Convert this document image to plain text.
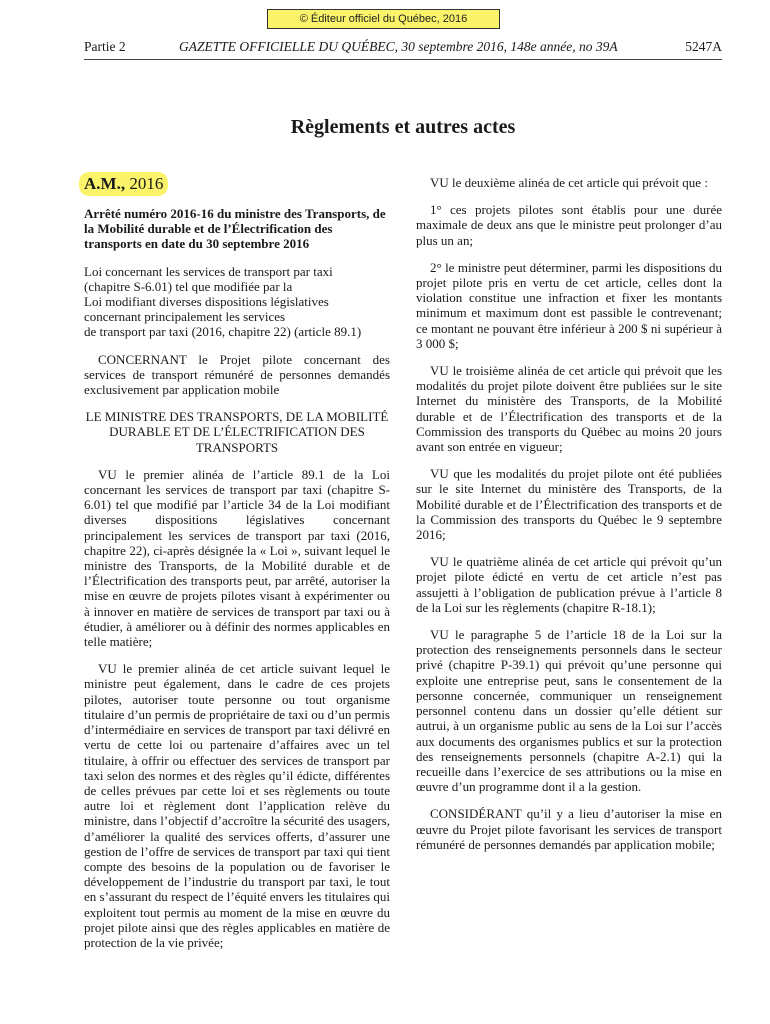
© Éditeur officiel du Québec, 2016
Partie 2	GAZETTE OFFICIELLE DU QUÉBEC, 30 septembre 2016, 148e année, no 39A	5247A
Règlements et autres actes
A.M., 2016

Arrêté numéro 2016-16 du ministre des Transports, de la Mobilité durable et de l’Électrification des transports en date du 30 septembre 2016

Loi concernant les services de transport par taxi
(chapitre S-6.01) tel que modifiée par la
Loi modifiant diverses dispositions législatives
concernant principalement les services
de transport par taxi (2016, chapitre 22) (article 89.1)

CONCERNANT le Projet pilote concernant des services de transport rémunéré de personnes demandés exclusivement par application mobile

LE MINISTRE DES TRANSPORTS, DE LA MOBILITÉ DURABLE ET DE L’ÉLECTRIFICATION DES TRANSPORTS

VU le premier alinéa de l’article 89.1 de la Loi concernant les services de transport par taxi (chapitre S-6.01) tel que modifié par l’article 34 de la Loi modifiant diverses dispositions législatives concernant principalement les services de transport par taxi (2016, chapitre 22), ci-après désignée la « Loi », suivant lequel le ministre des Transports, de la Mobilité durable et de l’Électrification des transports peut, par arrêté, autoriser la mise en œuvre de projets pilotes visant à expérimenter ou à innover en matière de services de transport par taxi ou à étudier, à améliorer ou à définir des normes applicables en telle matière;

VU le premier alinéa de cet article suivant lequel le ministre peut également, dans le cadre de ces projets pilotes, autoriser toute personne ou tout organisme titulaire d’un permis de propriétaire de taxi ou d’un permis d’intermédiaire en services de transport par taxi délivré en vertu de cette loi ou partenaire d’affaires avec un tel titulaire, à offrir ou effectuer des services de transport par taxi selon des normes et des règles qu’il édicte, différentes de celles prévues par cette loi et ses règlements ou toute autre loi et règlement dont l’application relève du ministre, dans l’objectif d’accroître la sécurité des usagers, d’améliorer la qualité des services offerts, d’assurer une gestion de l’offre de services de transport par taxi qui tient compte des besoins de la population ou de favoriser le développement de l’industrie du transport par taxi, le tout en s’assurant du respect de l’équité envers les titulaires qui exploitent tout permis au moment de la mise en œuvre du projet pilote ainsi que des règles applicables en matière de protection de la vie privée;

VU le deuxième alinéa de cet article qui prévoit que :

1° ces projets pilotes sont établis pour une durée maximale de deux ans que le ministre peut prolonger d’au plus un an;

2° le ministre peut déterminer, parmi les dispositions du projet pilote pris en vertu de cet article, celles dont la violation constitue une infraction et fixer les montants minimum et maximum dont est passible le contrevenant; ce montant ne pouvant être inférieur à 200 $ ni supérieur à 3 000 $;

VU le troisième alinéa de cet article qui prévoit que les modalités du projet pilote doivent être publiées sur le site Internet du ministère des Transports, de la Mobilité durable et de l’Électrification des transports et de la Commission des transports du Québec au moins 20 jours avant son entrée en vigueur;

VU que les modalités du projet pilote ont été publiées sur le site Internet du ministère des Transports, de la Mobilité durable et de l’Électrification des transports et de la Commission des transports du Québec le 9 septembre 2016;

VU le quatrième alinéa de cet article qui prévoit qu’un projet pilote édicté en vertu de cet article n’est pas assujetti à l’obligation de publication prévue à l’article 8 de la Loi sur les règlements (chapitre R-18.1);

VU le paragraphe 5 de l’article 18 de la Loi sur la protection des renseignements personnels dans le secteur privé (chapitre P-39.1) qui prévoit qu’une personne qui exploite une entreprise peut, sans le consentement de la personne concernée, communiquer un renseignement personnel contenu dans un dossier qu’elle détient sur autrui, à un organisme public au sens de la Loi sur l’accès aux documents des organismes publics et sur la protection des renseignements personnels (chapitre A-2.1) qui la recueille dans l’exercice de ses attributions ou la mise en œuvre d’un programme dont il a la gestion.

CONSIDÉRANT qu’il y a lieu d’autoriser la mise en œuvre du Projet pilote favorisant les services de transport rémunéré de personnes demandés par application mobile;
